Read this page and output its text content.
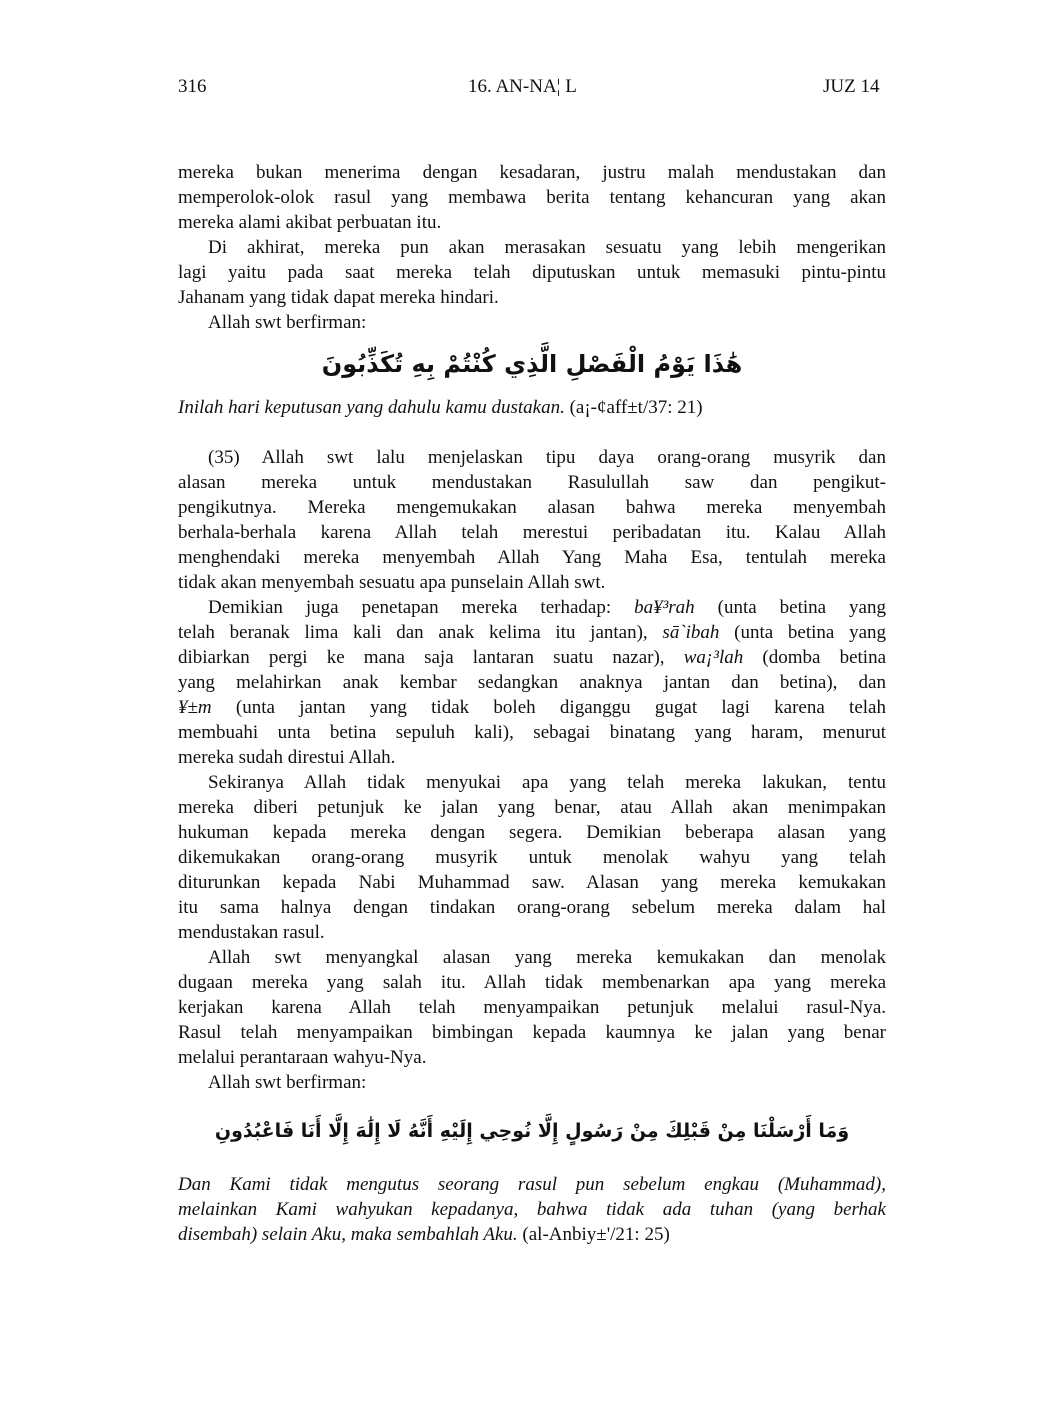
316	16. AN-NA¦ L	JUZ 14
mereka bukan menerima dengan kesadaran, justru malah mendustakan dan
memperolok-olok rasul yang membawa berita tentang kehancuran yang akan
mereka alami akibat perbuatan itu.
Di akhirat, mereka pun akan merasakan sesuatu yang lebih mengerikan
lagi yaitu pada saat mereka telah diputuskan untuk memasuki pintu-pintu
Jahanam yang tidak dapat mereka hindari.
Allah swt berfirman:
هَٰذَا يَوْمُ الْفَصْلِ الَّذِي كُنْتُمْ بِهِ تُكَذِّبُونَ
Inilah hari keputusan yang dahulu kamu dustakan. (a¡-¢aff±t/37: 21)
(35) Allah swt lalu menjelaskan tipu daya orang-orang musyrik dan
alasan mereka untuk mendustakan Rasulullah saw dan pengikut-
pengikutnya. Mereka mengemukakan alasan bahwa mereka menyembah
berhala-berhala karena Allah telah merestui peribadatan itu. Kalau Allah
menghendaki mereka menyembah Allah Yang Maha Esa, tentulah mereka
tidak akan menyembah sesuatu apa punselain Allah swt.
Demikian juga penetapan mereka terhadap: ba¥³rah (unta betina yang
telah beranak lima kali dan anak kelima itu jantan), sā`ibah (unta betina yang
dibiarkan pergi ke mana saja lantaran suatu nazar), wa¡³lah (domba betina
yang melahirkan anak kembar sedangkan anaknya jantan dan betina), dan
¥±m (unta jantan yang tidak boleh diganggu gugat lagi karena telah
membuahi unta betina sepuluh kali), sebagai binatang yang haram, menurut
mereka sudah direstui Allah.
Sekiranya Allah tidak menyukai apa yang telah mereka lakukan, tentu
mereka diberi petunjuk ke jalan yang benar, atau Allah akan menimpakan
hukuman kepada mereka dengan segera. Demikian beberapa alasan yang
dikemukakan orang-orang musyrik untuk menolak wahyu yang telah
diturunkan kepada Nabi Muhammad saw. Alasan yang mereka kemukakan
itu sama halnya dengan tindakan orang-orang sebelum mereka dalam hal
mendustakan rasul.
Allah swt menyangkal alasan yang mereka kemukakan dan menolak
dugaan mereka yang salah itu. Allah tidak membenarkan apa yang mereka
kerjakan karena Allah telah menyampaikan petunjuk melalui rasul-Nya.
Rasul telah menyampaikan bimbingan kepada kaumnya ke jalan yang benar
melalui perantaraan wahyu-Nya.
Allah swt berfirman:
وَمَا أَرْسَلْنَا مِنْ قَبْلِكَ مِنْ رَسُولٍ إِلَّا نُوحِي إِلَيْهِ أَنَّهُ لَا إِلَٰهَ إِلَّا أَنَا فَاعْبُدُونِ
Dan Kami tidak mengutus seorang rasul pun sebelum engkau (Muhammad),
melainkan Kami wahyukan kepadanya, bahwa tidak ada tuhan (yang berhak
disembah) selain Aku, maka sembahlah Aku. (al-Anbiy±'/21: 25)
